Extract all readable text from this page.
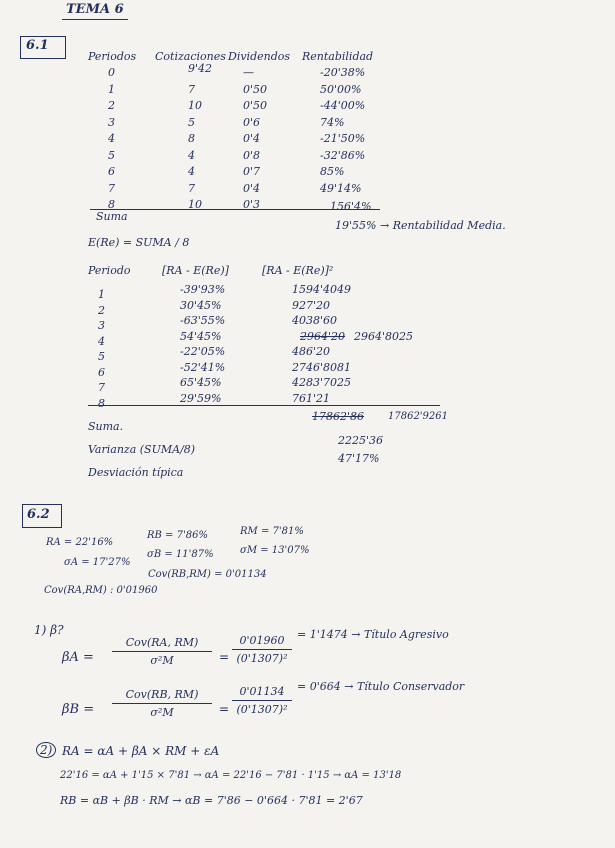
TEMA 6
6.1
Periodos Cotizaciones Dividendos Rentabilidad
0	9'42	—	-20'38%
1	7	0'50	50'00%
2	10	0'50	-44'00%
3	5	0'6	74%
4	8	0'4	-21'50%
5	4	0'8	-32'86%
6	4	0'7	85%
7	7	0'4	49'14%
8	10	0'3
Suma
156'4%
19'55% → Rentabilidad Media.
E(Re) = SUMA / 8
Periodo	[RA - E(Re)]	[RA - E(Re)]²
1	-39'93%	1594'4049
2	30'45%	927'20
3	-63'55%	4038'60
4	54'45%	2964'20 2964'8025
5	-22'05%	486'20
6	-52'41%	2746'8081
7	65'45%	4283'7025
8	29'59%	761'21
Suma.
17862'86 17862'9261
Varianza (SUMA/8)
2225'36
Desviación típica
47'17%
6.2
RA = 22'16%
RB = 7'86%	RM = 7'81%
σA = 17'27%
σB = 11'87%	σM = 13'07%
Cov(RB,RM) = 0'01134
Cov(RA,RM) : 0'01960
1) β?
βA =
Cov(RA, RM)
σ²M	=
0'01960
(0'1307)²
= 1'1474 → Título Agresivo
βB =
Cov(RB, RM)
σ²M	=
0'01134
(0'1307)²
= 0'664 → Título Conservador
2) RA = αA + βA × RM + εA
22'16 = αA + 1'15 × 7'81 → αA = 22'16 − 7'81 · 1'15 → αA = 13'18
RB = αB + βB · RM → αB = 7'86 − 0'664 · 7'81 = 2'67
